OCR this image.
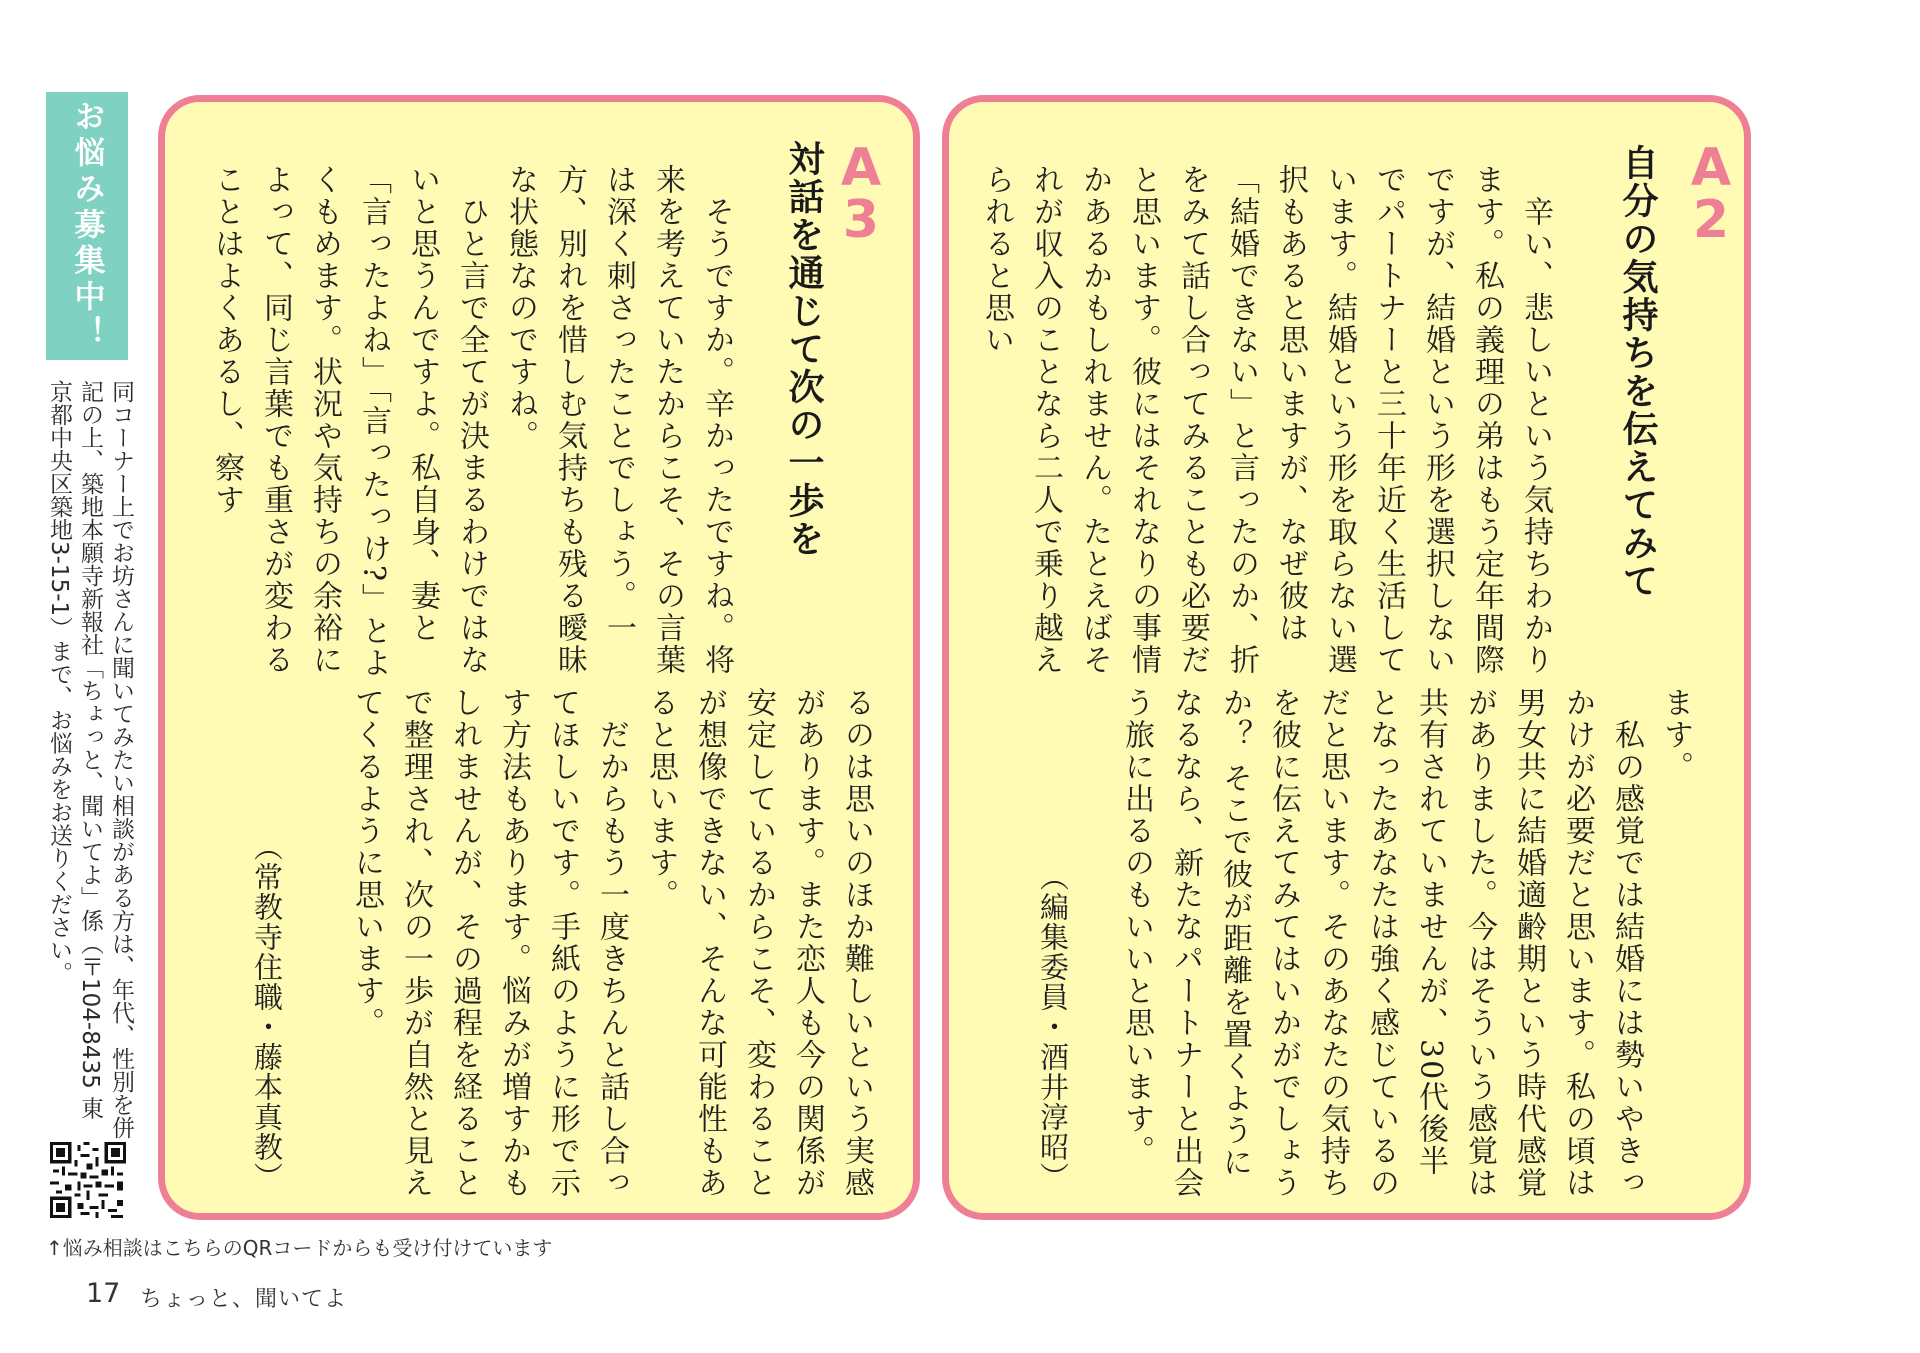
お悩み募集中！
同コーナー上でお坊さんに聞いてみたい相談がある方は、年代、性別を併記の上、築地本願寺新報社「ちょっと、聞いてよ」係（〒104-8435 東京都中央区築地3-15-1）まで、お悩みをお送りください。
↑悩み相談はこちらのQRコードからも受け付けています
17 ちょっと、聞いてよ
A
3
対話を通じて次の一歩を

　そうですか。辛かったですね。将来を考えていたからこそ、その言葉は深く刺さったことでしょう。一方、別れを惜しむ気持ちも残る曖昧な状態なのですね。
　ひと言で全てが決まるわけではないと思うんですよ。私自身、妻と「言ったよね」「言ったっけ?」とよくもめます。状況や気持ちの余裕によって、同じ言葉でも重さが変わることはよくあるし、察す

るのは思いのほか難しいという実感があります。また恋人も今の関係が安定しているからこそ、変わることが想像できない、そんな可能性もあると思います。
　だからもう一度きちんと話し合ってほしいです。手紙のように形で示す方法もあります。悩みが増すかもしれませんが、その過程を経ることで整理され、次の一歩が自然と見えてくるように思います。

（常教寺住職・藤本真教）
A
2
自分の気持ちを伝えてみて

　辛い、悲しいという気持ちわかります。私の義理の弟はもう定年間際ですが、結婚という形を選択しないでパートナーと三十年近く生活しています。結婚という形を取らない選択もあると思いますが、なぜ彼は「結婚できない」と言ったのか、折をみて話し合ってみることも必要だと思います。彼にはそれなりの事情かあるかもしれません。たとえばそれが収入のことなら二人で乗り越えられると思い

ます。
　私の感覚では結婚には勢いやきっかけが必要だと思います。私の頃は男女共に結婚適齢期という時代感覚がありました。今はそういう感覚は共有されていませんが、30代後半となったあなたは強く感じているのだと思います。そのあなたの気持ちを彼に伝えてみてはいかがでしょうか？ そこで彼が距離を置くようになるなら、新たなパートナーと出会う旅に出るのもいいと思います。

（編集委員・酒井淳昭）
